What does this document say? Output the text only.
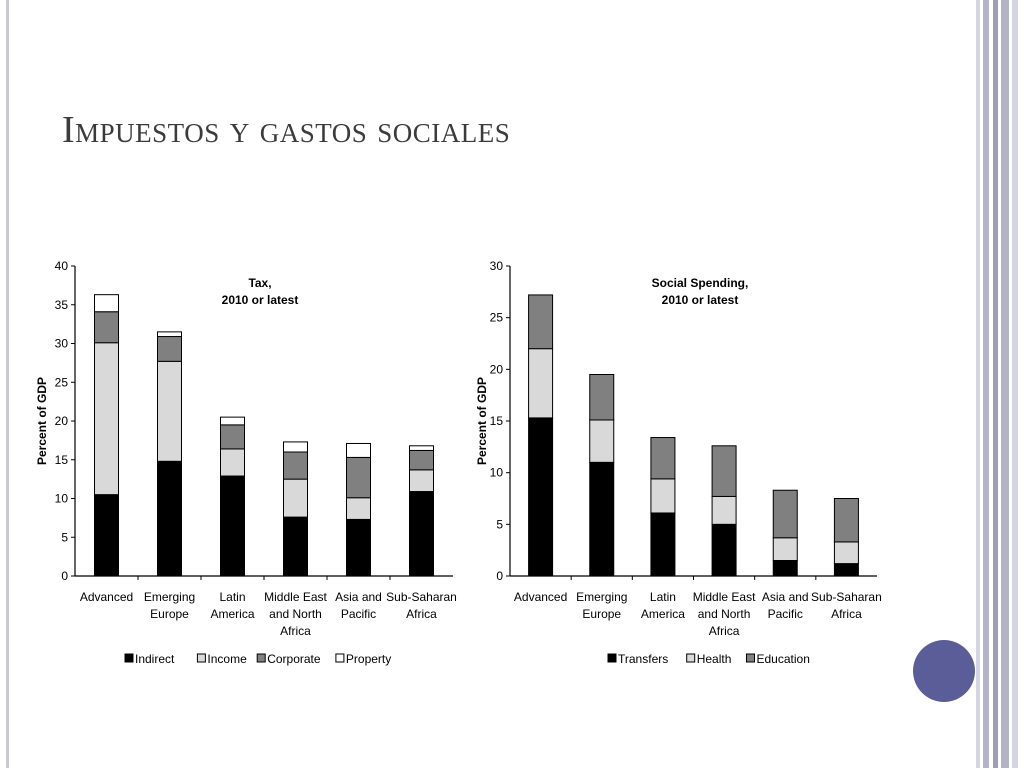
Impuestos y gastos sociales
0
5
10
15
20
25
30
35
40
Percent of GDP
Tax,
2010 or latest
Advanced Emerging
Europe
Latin
America
Middle East
and North
Africa
Asia and
Pacific
Sub-Saharan
Africa
Indirect	Income Corporate Property
0
5
10
15
20
25
30
Percent of GDP
Social Spending,
2010 or latest
Advanced Emerging
Europe
Latin
America
Middle East
and North
Africa
Asia and
Pacific
Sub-Saharan
Africa
Transfers Health Education
